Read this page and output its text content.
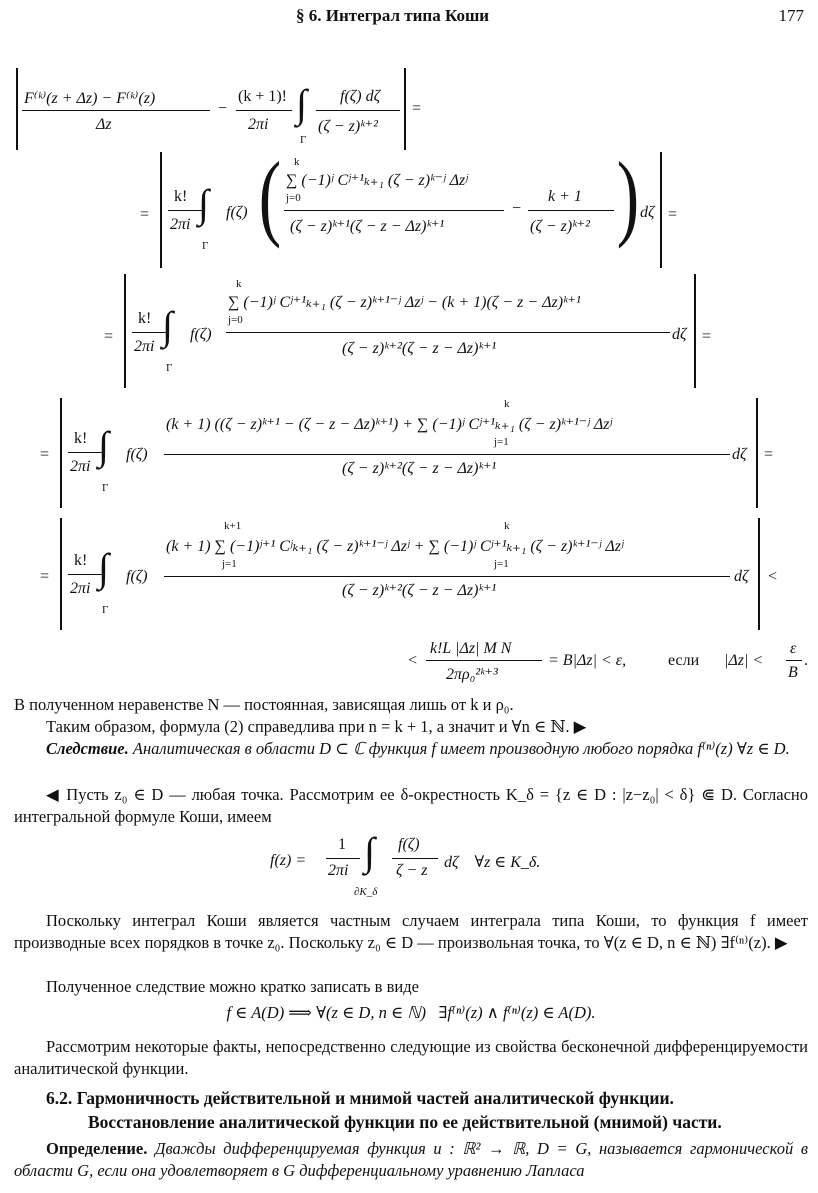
§ 6. Интеграл типа Коши	177
F⁽ᵏ⁾(z + Δz) − F⁽ᵏ⁾(z)
Δz
−
(k + 1)!
2πi ∫
Γ
f(ζ) dζ
(ζ − z)ᵏ⁺²
=
=
k!
2πi ∫
Γ
f(ζ) ( k
∑ (−1)ʲ Cʲ⁺¹ₖ₊₁ (ζ − z)ᵏ⁻ʲ Δzʲ
j=0
(ζ − z)ᵏ⁺¹(ζ − z − Δz)ᵏ⁺¹
−
k + 1
(ζ − z)ᵏ⁺² ) dζ =
=
k!
2πi ∫
Γ
f(ζ)
k
∑ (−1)ʲ Cʲ⁺¹ₖ₊₁ (ζ − z)ᵏ⁺¹⁻ʲ Δzʲ − (k + 1)(ζ − z − Δz)ᵏ⁺¹
j=0
(ζ − z)ᵏ⁺²(ζ − z − Δz)ᵏ⁺¹
dζ =
=
k!
2πi ∫
Γ
f(ζ)
k
(k + 1) ((ζ − z)ᵏ⁺¹ − (ζ − z − Δz)ᵏ⁺¹) + ∑ (−1)ʲ Cʲ⁺¹ₖ₊₁ (ζ − z)ᵏ⁺¹⁻ʲ Δzʲ
j=1
(ζ − z)ᵏ⁺²(ζ − z − Δz)ᵏ⁺¹
dζ =
=
k!
2πi ∫
Γ
f(ζ)
k+1	k
(k + 1) ∑ (−1)ʲ⁺¹ Cʲₖ₊₁ (ζ − z)ᵏ⁺¹⁻ʲ Δzʲ + ∑ (−1)ʲ Cʲ⁺¹ₖ₊₁ (ζ − z)ᵏ⁺¹⁻ʲ Δzʲ
j=1	j=1
(ζ − z)ᵏ⁺²(ζ − z − Δz)ᵏ⁺¹
dζ <
<
k!L |Δz| M N
2πρ₀²ᵏ⁺³
= B|Δz| < ε,	если |Δz| <
ε
B
.
В полученном неравенстве N — постоянная, зависящая лишь от k и ρ₀.
Таким образом, формула (2) справедлива при n = k + 1, а значит и ∀n ∈ ℕ. ▶
Следствие. Аналитическая в области D ⊂ ℂ функция f имеет производную любого порядка f⁽ⁿ⁾(z) ∀z ∈ D.
◀ Пусть z₀ ∈ D — любая точка. Рассмотрим ее δ-окрестность K_δ = {z ∈ D : |z−z₀| < δ} ⋐ D. Согласно интегральной формуле Коши, имеем
f(z) =
1
2πi ∫
∂K_δ
f(ζ)
ζ − z dζ    ∀z ∈ K_δ.
Поскольку интеграл Коши является частным случаем интеграла типа Коши, то функция f имеет производные всех порядков в точке z₀. Поскольку z₀ ∈ D — произвольная точка, то ∀(z ∈ D, n ∈ ℕ) ∃f⁽ⁿ⁾(z). ▶
Полученное следствие можно кратко записать в виде
f ∈ A(D) ⟹ ∀(z ∈ D, n ∈ ℕ)   ∃f⁽ⁿ⁾(z) ∧ f⁽ⁿ⁾(z) ∈ A(D).
Рассмотрим некоторые факты, непосредственно следующие из свойства бесконечной дифференцируемости аналитической функции.
6.2. Гармоничность действительной и мнимой частей аналитической функции.
Восстановление аналитической функции по ее действительной (мнимой) части.
Определение. Дважды дифференцируемая функция u : ℝ² → ℝ, D = G, называется гармонической в области G, если она удовлетворяет в G дифференциальному уравнению Лапласа
